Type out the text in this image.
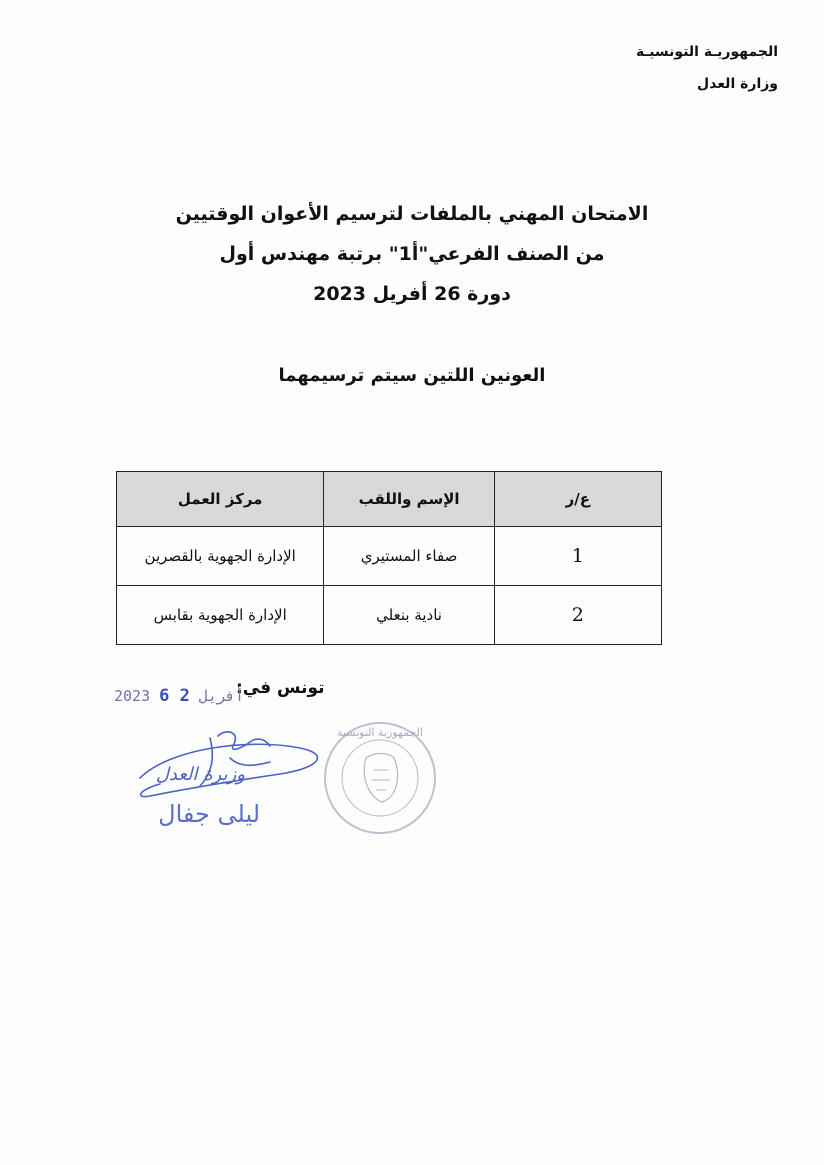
الجمهوريـة التونسيـة
وزارة العدل
الامتحان المهني بالملفات لترسيم الأعوان الوقتيين
من الصنف الفرعي"أ1" برتبة مهندس أول
دورة 26 أفريل 2023
العونين اللتين سيتم ترسيمهما
ع/ر	الإسم واللقب	مركز العمل
1	صفاء المستيري	الإدارة الجهوية بالقصرين
2	نادية بنعلي	الإدارة الجهوية بقابس
تونس في:
2023	أفريل 2 6
وزيرة العدل
ليلى جفال
الجمهورية التونسية
